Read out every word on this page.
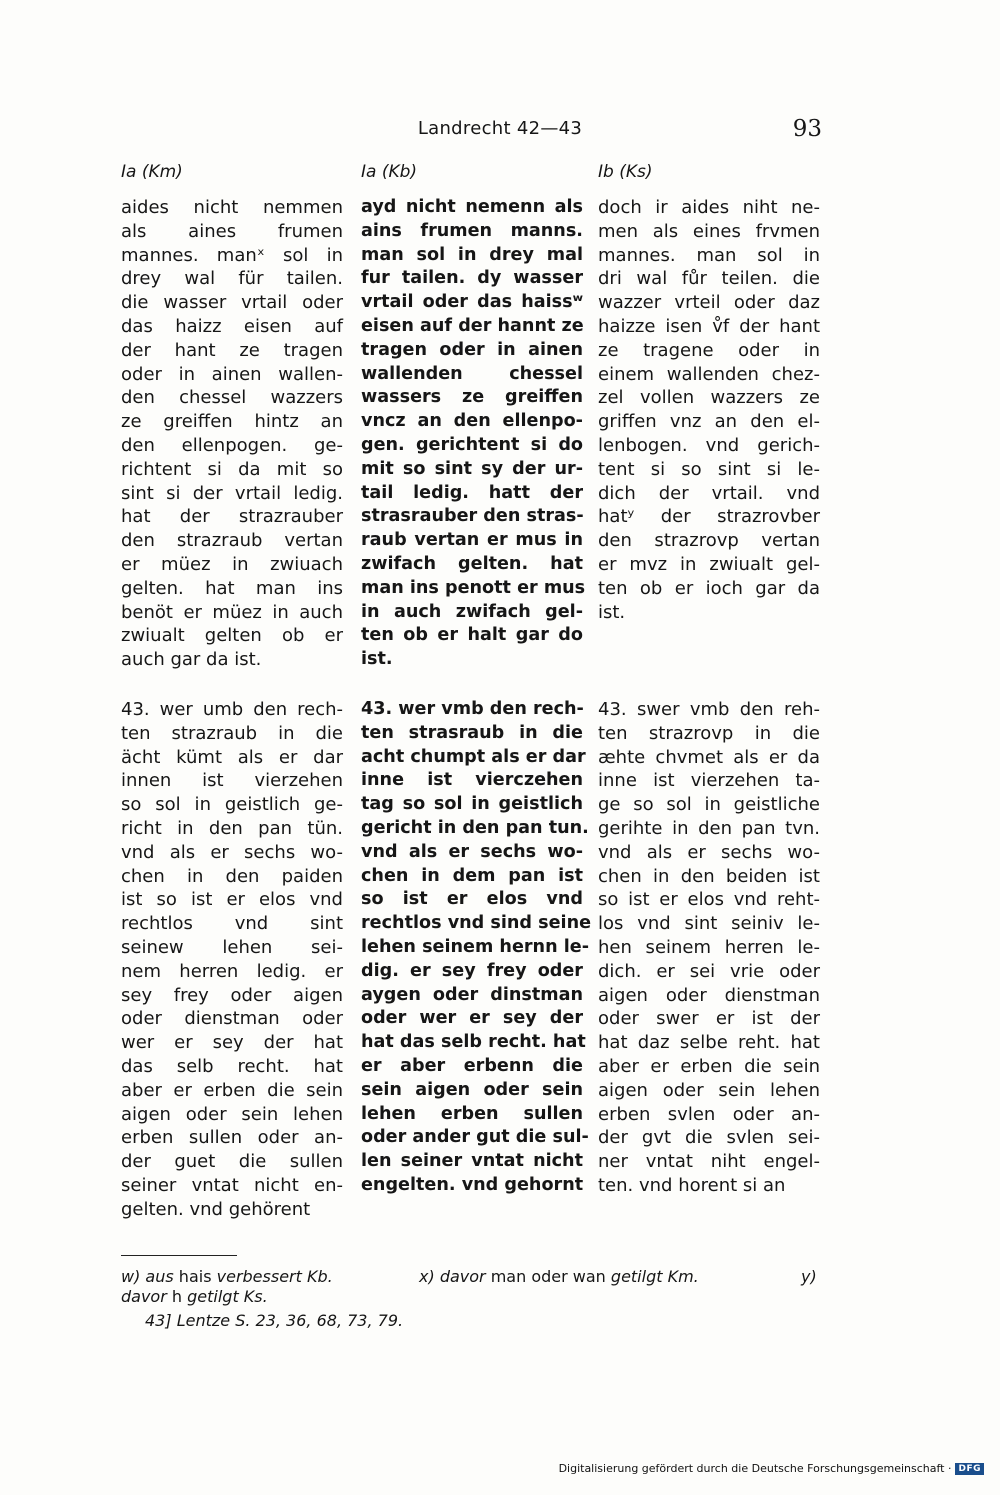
Landrecht 42—43	93
Ia (Km)
aides nicht nemmen
als aines frumen
mannes. manˣ sol in
drey wal für tailen.
die wasser vrtail oder
das haizz eisen auf
der hant ze tragen
oder in ainen wallen-
den chessel wazzers
ze greiffen hintz an
den ellenpogen. ge-
richtent si da mit so
sint si der vrtail ledig.
hat der strazrauber
den strazraub vertan
er müez in zwiuach
gelten. hat man ins
benöt er müez in auch
zwiualt gelten ob er
auch gar da ist.
43. wer umb den rech-
ten strazraub in die
ächt kümt als er dar
innen ist vierzehen
so sol in geistlich ge-
richt in den pan tün.
vnd als er sechs wo-
chen in den paiden
ist so ist er elos vnd
rechtlos vnd sint
seinew lehen sei-
nem herren ledig. er
sey frey oder aigen
oder dienstman oder
wer er sey der hat
das selb recht. hat
aber er erben die sein
aigen oder sein lehen
erben sullen oder an-
der guet die sullen
seiner vntat nicht en-
gelten. vnd gehörent
Ia (Kb)
ayd nicht nemenn als
ains frumen manns.
man sol in drey mal
fur tailen. dy wasser
vrtail oder das haissʷ
eisen auf der hannt ze
tragen oder in ainen
wallenden chessel
wassers ze greiffen
vncz an den ellenpo-
gen. gerichtent si do
mit so sint sy der ur-
tail ledig. hatt der
strasrauber den stras-
raub vertan er mus in
zwifach gelten. hat
man ins penott er mus
in auch zwifach gel-
ten ob er halt gar do
ist.
43. wer vmb den rech-
ten strasraub in die
acht chumpt als er dar
inne ist vierczehen
tag so sol in geistlich
gericht in den pan tun.
vnd als er sechs wo-
chen in dem pan ist
so ist er elos vnd
rechtlos vnd sind seine
lehen seinem hernn le-
dig. er sey frey oder
aygen oder dinstman
oder wer er sey der
hat das selb recht. hat
er aber erbenn die
sein aigen oder sein
lehen erben sullen
oder ander gut die sul-
len seiner vntat nicht
engelten. vnd gehornt
Ib (Ks)
doch ir aides niht ne-
men als eines frvmen
mannes. man sol in
dri wal fůr teilen. die
wazzer vrteil oder daz
haizze isen v̊f der hant
ze tragene oder in
einem wallenden chez-
zel vollen wazzers ze
griffen vnz an den el-
lenbogen. vnd gerich-
tent si so sint si le-
dich der vrtail. vnd
hatʸ der strazrovber
den strazrovp vertan
er mvz in zwiualt gel-
ten ob er ioch gar da
ist.
43. swer vmb den reh-
ten strazrovp in die
æhte chvmet als er da
inne ist vierzehen ta-
ge so sol in geistliche
gerihte in den pan tvn.
vnd als er sechs wo-
chen in den beiden ist
so ist er elos vnd reht-
los vnd sint seiniv le-
hen seinem herren le-
dich. er sei vrie oder
aigen oder dienstman
oder swer er ist der
hat daz selbe reht. hat
aber er erben die sein
aigen oder sein lehen
erben svlen oder an-
der gvt die svlen sei-
ner vntat niht engel-
ten. vnd horent si an
w) aus hais verbessert Kb.	x) davor man oder wan getilgt Km.	y)
davor h getilgt Ks.
43] Lentze S. 23, 36, 68, 73, 79.
Digitalisierung gefördert durch die Deutsche Forschungsgemeinschaft · DFG
